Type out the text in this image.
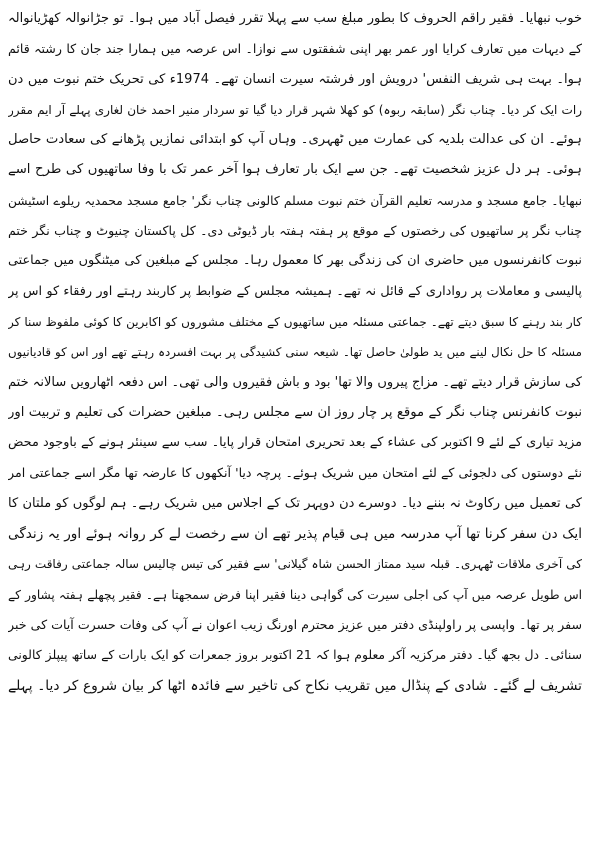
خوب نبھایا۔ فقیر راقم الحروف کا بطور مبلغ سب سے پہلا تقرر فیصل آباد میں ہوا۔ تو جڑانوالہ کھڑیانوالہ
کے دیہات میں تعارف کرایا اور عمر بھر اپنی شفقتوں سے نوازا۔ اس عرصہ میں ہمارا جند جان کا رشتہ قائم
ہوا۔ بہت ہی شریف النفس' درویش اور فرشتہ سیرت انسان تھے۔ 1974ء کی تحریک ختم نبوت میں دن
رات ایک کر دیا۔ چناب نگر (سابقہ ربوہ) کو کھلا شہر قرار دیا گیا تو سردار منیر احمد خان لغاری پہلے آر ایم مقرر
ہوئے۔ ان کی عدالت بلدیہ کی عمارت میں ٹھہری۔ وہاں آپ کو ابتدائی نمازیں پڑھانے کی سعادت حاصل
ہوئی۔ ہر دل عزیز شخصیت تھے۔ جن سے ایک بار تعارف ہوا آخر عمر تک با وفا ساتھیوں کی طرح اسے
نبھایا۔ جامع مسجد و مدرسہ تعلیم القرآن ختم نبوت مسلم کالونی چناب نگر' جامع مسجد محمدیہ ریلوے اسٹیشن
چناب نگر پر ساتھیوں کی رخصتوں کے موقع پر ہفتہ ہفتہ بار ڈیوٹی دی۔ کل پاکستان چنیوٹ و چناب نگر ختم
نبوت کانفرنسوں میں حاضری ان کی زندگی بھر کا معمول رہا۔ مجلس کے مبلغین کی میٹنگوں میں جماعتی
پالیسی و معاملات پر رواداری کے قائل نہ تھے۔ ہمیشہ مجلس کے ضوابط پر کاربند رہتے اور رفقاء کو اس پر
کار بند رہنے کا سبق دیتے تھے۔ جماعتی مسئلہ میں ساتھیوں کے مختلف مشوروں کو اکابرین کا کوئی ملفوظ سنا کر
مسئلہ کا حل نکال لینے میں ید طولیٰ حاصل تھا۔ شیعہ سنی کشیدگی پر بہت افسردہ رہتے تھے اور اس کو قادیانیوں
کی سازش قرار دیتے تھے۔ مزاج پیروں والا تھا' بود و باش فقیروں والی تھی۔ اس دفعہ اٹھارویں سالانہ ختم
نبوت کانفرنس چناب نگر کے موقع پر چار روز ان سے مجلس رہی۔ مبلغین حضرات کی تعلیم و تربیت اور
مزید تیاری کے لئے 9 اکتوبر کی عشاء کے بعد تحریری امتحان قرار پایا۔ سب سے سینئر ہونے کے باوجود محض
نئے دوستوں کی دلجوئی کے لئے امتحان میں شریک ہوئے۔ پرچہ دیا' آنکھوں کا عارضہ تھا مگر اسے جماعتی امر
کی تعمیل میں رکاوٹ نہ بننے دیا۔ دوسرے دن دوپہر تک کے اجلاس میں شریک رہے۔ ہم لوگوں کو ملتان کا
ایک دن سفر کرنا تھا آپ مدرسہ میں ہی قیام پذیر تھے ان سے رخصت لے کر روانہ ہوئے اور یہ زندگی
کی آخری ملاقات ٹھہری۔ قبلہ سید ممتاز الحسن شاہ گیلانی' سے فقیر کی تیس چالیس سالہ جماعتی رفاقت رہی
اس طویل عرصہ میں آپ کی اجلی سیرت کی گواہی دینا فقیر اپنا فرض سمجھتا ہے۔ فقیر پچھلے ہفتہ پشاور کے
سفر پر تھا۔ واپسی پر راولپنڈی دفتر میں عزیز محترم اورنگ زیب اعوان نے آپ کی وفات حسرت آیات کی خبر
سنائی۔ دل بجھ گیا۔ دفتر مرکزیہ آکر معلوم ہوا کہ 21 اکتوبر بروز جمعرات کو ایک بارات کے ساتھ پیپلز کالونی
تشریف لے گئے۔ شادی کے پنڈال میں تقریب نکاح کی تاخیر سے فائدہ اٹھا کر بیان شروع کر دیا۔ پہلے
